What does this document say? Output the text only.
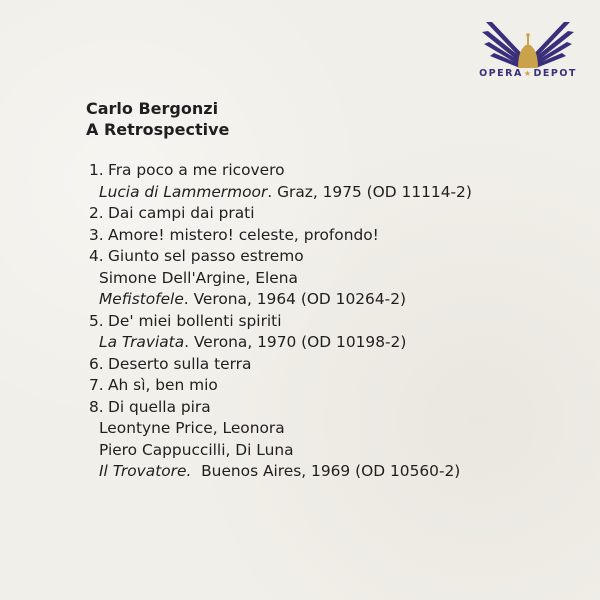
OPERA★DEPOT
Carlo Bergonzi
A Retrospective
1. Fra poco a me ricovero
Lucia di Lammermoor. Graz, 1975 (OD 11114-2)
2. Dai campi dai prati
3. Amore! mistero! celeste, profondo!
4. Giunto sel passo estremo
Simone Dell'Argine, Elena
Mefistofele. Verona, 1964 (OD 10264-2)
5. De' miei bollenti spiriti
La Traviata. Verona, 1970 (OD 10198-2)
6. Deserto sulla terra
7. Ah sì, ben mio
8. Di quella pira
Leontyne Price, Leonora
Piero Cappuccilli, Di Luna
Il Trovatore.  Buenos Aires, 1969 (OD 10560-2)
